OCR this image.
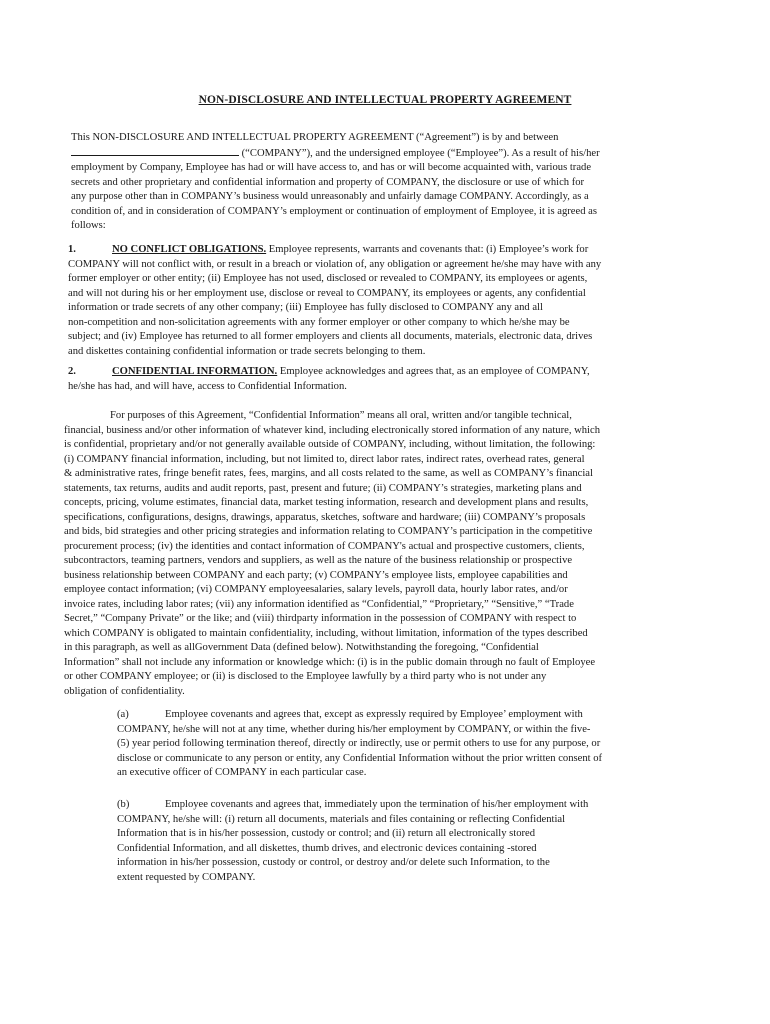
NON-DISCLOSURE AND INTELLECTUAL PROPERTY AGREEMENT

This NON-DISCLOSURE AND INTELLECTUAL PROPERTY AGREEMENT (“Agreement”) is by and between

(“COMPANY”), and the undersigned employee (“Employee”). As a result of his/her

employment by Company, Employee has had or will have access to, and has or will become acquainted with, various trade

secrets and other proprietary and confidential information and property of COMPANY, the disclosure or use of which for

any purpose other than in COMPANY’s business would unreasonably and unfairly damage COMPANY. Accordingly, as a

condition of, and in consideration of COMPANY’s employment or continuation of employment of Employee, it is agreed as

follows:

1.	NO CONFLICT OBLIGATIONS. Employee represents, warrants and covenants that: (i) Employee’s work for

COMPANY will not conflict with, or result in a breach or violation of, any obligation or agreement he/she may have with any

former employer or other entity; (ii) Employee has not used, disclosed or revealed to COMPANY, its employees or agents,

and will not during his or her employment use, disclose or reveal to COMPANY, its employees or agents, any confidential

information or trade secrets of any other company; (iii) Employee has fully disclosed to COMPANY any and all

non-competition and non-solicitation agreements with any former employer or other company to which he/she may be

subject; and (iv) Employee has returned to all former employers and clients all documents, materials, electronic data, drives

and diskettes containing confidential information or trade secrets belonging to them.

2.	CONFIDENTIAL INFORMATION. Employee acknowledges and agrees that, as an employee of COMPANY,

he/she has had, and will have, access to Confidential Information.

For purposes of this Agreement, “Confidential Information” means all oral, written and/or tangible technical,

financial, business and/or other information of whatever kind, including electronically stored information of any nature, which

is confidential, proprietary and/or not generally available outside of COMPANY, including, without limitation, the following:

(i) COMPANY financial information, including, but not limited to, direct labor rates, indirect rates, overhead rates, general

& administrative rates, fringe benefit rates, fees, margins, and all costs related to the same, as well as COMPANY’s financial

statements, tax returns, audits and audit reports, past, present and future; (ii) COMPANY’s strategies, marketing plans and

concepts, pricing, volume estimates, financial data, market testing information, research and development plans and results,

specifications, configurations, designs, drawings, apparatus, sketches, software and hardware; (iii) COMPANY’s proposals

and bids, bid strategies and other pricing strategies and information relating to COMPANY’s participation in the competitive

procurement process; (iv) the identities and contact information of COMPANY's actual and prospective customers, clients,

subcontractors, teaming partners, vendors and suppliers, as well as the nature of the business relationship or prospective

business relationship between COMPANY and each party; (v) COMPANY’s employee lists, employee capabilities and

employee contact information; (vi) COMPANY employeesalaries, salary levels, payroll data, hourly labor rates, and/or

invoice rates, including labor rates; (vii) any information identified as “Confidential,” “Proprietary,” “Sensitive,” “Trade

Secret,” “Company Private” or the like; and (viii) thirdparty information in the possession of COMPANY with respect to

which COMPANY is obligated to maintain confidentiality, including, without limitation, information of the types described

in this paragraph, as well as allGovernment Data (defined below). Notwithstanding the foregoing, “Confidential

Information” shall not include any information or knowledge which: (i) is in the public domain through no fault of Employee

or other COMPANY employee; or (ii) is disclosed to the Employee lawfully by a third party who is not under any

obligation of confidentiality.

(a)	Employee covenants and agrees that, except as expressly required by Employee’ employment with

COMPANY, he/she will not at any time, whether during his/her employment by COMPANY, or within the five-

(5) year period following termination thereof, directly or indirectly, use or permit others to use for any purpose, or

disclose or communicate to any person or entity, any Confidential Information without the prior written consent of

an executive officer of COMPANY in each particular case.

(b)	Employee covenants and agrees that, immediately upon the termination of his/her employment with

COMPANY, he/she will: (i) return all documents, materials and files containing or reflecting Confidential

Information that is in his/her possession, custody or control; and (ii) return all electronically stored

Confidential Information, and all diskettes, thumb drives, and electronic devices containing -stored

information in his/her possession, custody or control, or destroy and/or delete such Information, to the

extent requested by COMPANY.
